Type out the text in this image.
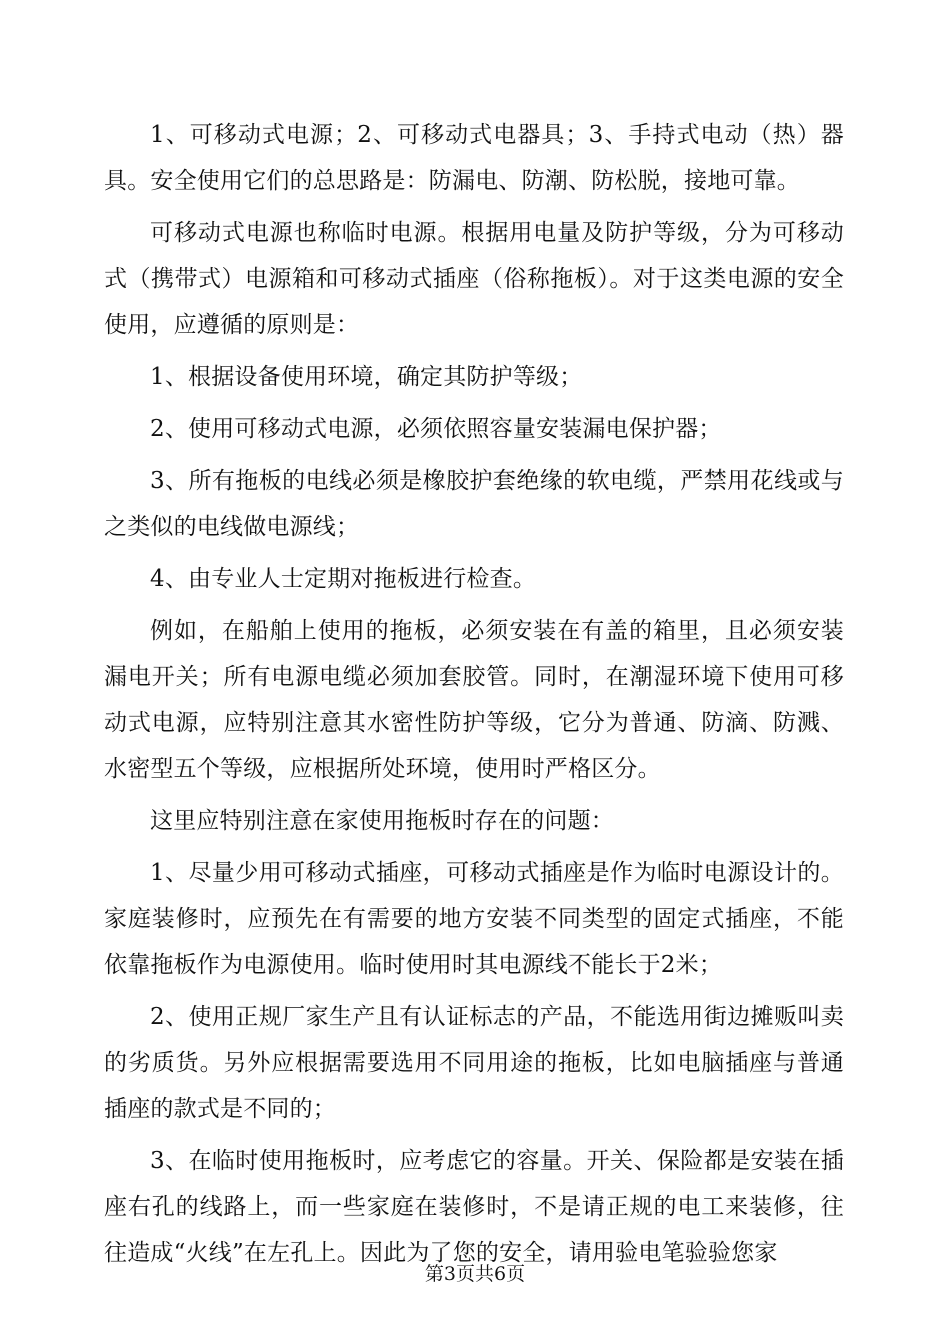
1、可移动式电源；2、可移动式电器具；3、手持式电动（热）器具。安全使用它们的总思路是：防漏电、防潮、防松脱，接地可靠。

可移动式电源也称临时电源。根据用电量及防护等级，分为可移动式（携带式）电源箱和可移动式插座（俗称拖板）。对于这类电源的安全使用，应遵循的原则是：

1、根据设备使用环境，确定其防护等级；

2、使用可移动式电源，必须依照容量安装漏电保护器；

3、所有拖板的电线必须是橡胶护套绝缘的软电缆，严禁用花线或与之类似的电线做电源线；

4、由专业人士定期对拖板进行检查。

例如，在船舶上使用的拖板，必须安装在有盖的箱里，且必须安装漏电开关；所有电源电缆必须加套胶管。同时，在潮湿环境下使用可移动式电源，应特别注意其水密性防护等级，它分为普通、防滴、防溅、水密型五个等级，应根据所处环境，使用时严格区分。

这里应特别注意在家使用拖板时存在的问题：

1、尽量少用可移动式插座，可移动式插座是作为临时电源设计的。家庭装修时，应预先在有需要的地方安装不同类型的固定式插座，不能依靠拖板作为电源使用。临时使用时其电源线不能长于2米；

2、使用正规厂家生产且有认证标志的产品，不能选用街边摊贩叫卖的劣质货。另外应根据需要选用不同用途的拖板，比如电脑插座与普通插座的款式是不同的；

3、在临时使用拖板时，应考虑它的容量。开关、保险都是安装在插座右孔的线路上，而一些家庭在装修时，不是请正规的电工来装修，往往造成“火线”在左孔上。因此为了您的安全，请用验电笔验验您家

第3页共6页
